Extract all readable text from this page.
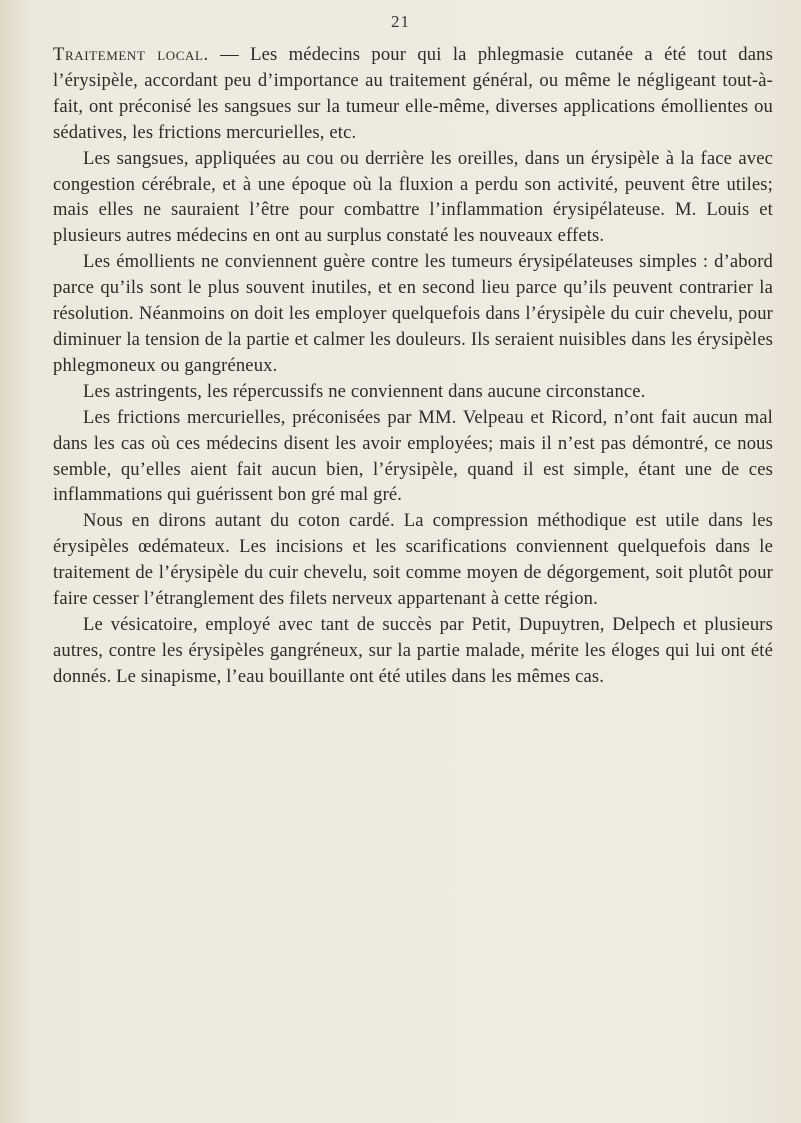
21

Traitement local. — Les médecins pour qui la phlegmasie cutanée a été tout dans l’érysipèle, accordant peu d’importance au traitement général, ou même le négligeant tout-à-fait, ont préconisé les sangsues sur la tumeur elle-même, diverses applications émollientes ou sédatives, les frictions mercurielles, etc.

Les sangsues, appliquées au cou ou derrière les oreilles, dans un érysipèle à la face avec congestion cérébrale, et à une époque où la fluxion a perdu son activité, peuvent être utiles; mais elles ne sauraient l’être pour combattre l’inflammation érysipélateuse. M. Louis et plusieurs autres médecins en ont au surplus constaté les nouveaux effets.

Les émollients ne conviennent guère contre les tumeurs érysipélateuses simples : d’abord parce qu’ils sont le plus souvent inutiles, et en second lieu parce qu’ils peuvent contrarier la résolution. Néanmoins on doit les employer quelquefois dans l’érysipèle du cuir chevelu, pour diminuer la tension de la partie et calmer les douleurs. Ils seraient nuisibles dans les érysipèles phlegmoneux ou gangréneux.

Les astringents, les répercussifs ne conviennent dans aucune circonstance.

Les frictions mercurielles, préconisées par MM. Velpeau et Ricord, n’ont fait aucun mal dans les cas où ces médecins disent les avoir employées; mais il n’est pas démontré, ce nous semble, qu’elles aient fait aucun bien, l’érysipèle, quand il est simple, étant une de ces inflammations qui guérissent bon gré mal gré.

Nous en dirons autant du coton cardé. La compression méthodique est utile dans les érysipèles œdémateux. Les incisions et les scarifications conviennent quelquefois dans le traitement de l’érysipèle du cuir chevelu, soit comme moyen de dégorgement, soit plutôt pour faire cesser l’étranglement des filets nerveux appartenant à cette région.

Le vésicatoire, employé avec tant de succès par Petit, Dupuytren, Delpech et plusieurs autres, contre les érysipèles gangréneux, sur la partie malade, mérite les éloges qui lui ont été donnés. Le sinapisme, l’eau bouillante ont été utiles dans les mêmes cas.
